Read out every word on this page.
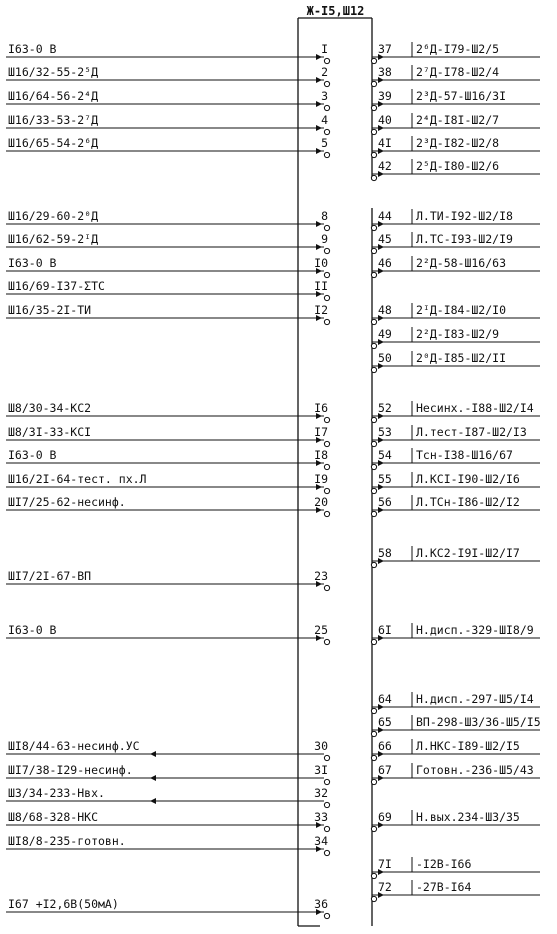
Ж-I5,Ш12
I63-0 В	I
Ш16/32-55-2⁵Д	2
Ш16/64-56-2⁴Д	3
Ш16/33-53-2⁷Д	4
Ш16/65-54-2⁶Д	5
Ш16/29-60-2⁰Д	8
Ш16/62-59-2ᴵД	9
I63-0 В	I0
Ш16/69-I37-ΣТС	II
Ш16/35-2I-ТИ	I2
Ш8/30-34-КС2	I6
Ш8/3I-33-КСI	I7
I63-0 В	I8
Ш16/2I-64-тест. пх.Л	I9
ШI7/25-62-несинф.	20
ШI7/2I-67-ВП	23
I63-0 В	25
ШI8/44-63-несинф.УС	30
ШI7/38-I29-несинф.	3I
Ш3/34-233-Нвх.	32
Ш8/68-328-НКС	33
ШI8/8-235-готовн.	34
I67 +I2,6В(50мА)	36
37 2⁶Д-I79-Ш2/5
38 2⁷Д-I78-Ш2/4
39 2³Д-57-Ш16/3I
40 2⁴Д-I8I-Ш2/7
4I 2³Д-I82-Ш2/8
42 2⁵Д-I80-Ш2/6
44 Л.ТИ-I92-Ш2/I8
45 Л.ТС-I93-Ш2/I9
46 2²Д-58-Ш16/63
48 2ᴵД-I84-Ш2/I0
49 2²Д-I83-Ш2/9
50 2⁰Д-I85-Ш2/II
52 Несинх.-I88-Ш2/I4
53 Л.тест-I87-Ш2/I3
54 Тсн-I38-Ш16/67
55 Л.КСI-I90-Ш2/I6
56 Л.ТСн-I86-Ш2/I2
58 Л.КС2-I9I-Ш2/I7
6I Н.дисп.-329-ШI8/9
64 Н.дисп.-297-Ш5/I4
65 ВП-298-Ш3/36-Ш5/I5
66 Л.НКС-I89-Ш2/I5
67 Готовн.-236-Ш5/43
69 Н.вых.234-Ш3/35
7I -I2В-I66
72 -27В-I64
